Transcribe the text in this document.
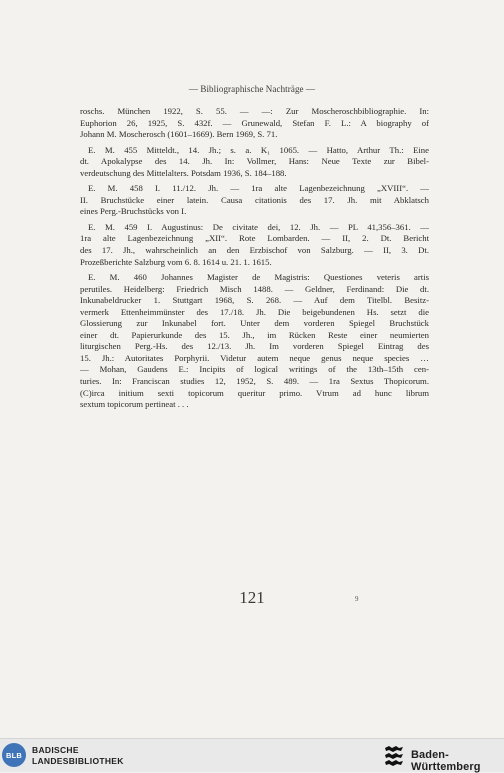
— Bibliographische Nachträge —
roschs. München 1922, S. 55. — —: Zur Moscheroschbibliographie. In:
Euphorion 26, 1925, S. 432f. — Grunewald, Stefan F. L.: A biography of
Johann M. Moscherosch (1601–1669). Bern 1969, S. 71.
E. M. 455 Mitteldt., 14. Jh.; s. a. K₁ 1065. — Hatto, Arthur Th.: Eine
dt. Apokalypse des 14. Jh. In: Vollmer, Hans: Neue Texte zur Bibel-
verdeutschung des Mittelalters. Potsdam 1936, S. 184–188.
E. M. 458 I. 11./12. Jh. — 1ra alte Lagenbezeichnung „XVIII“. —
II. Bruchstücke einer latein. Causa citationis des 17. Jh. mit Abklatsch
eines Perg.-Bruchstücks von I.
E. M. 459 I. Augustinus: De civitate dei, 12. Jh. — PL 41,356–361. —
1ra alte Lagenbezeichnung „XII“. Rote Lombarden. — II, 2. Dt. Bericht
des 17. Jh., wahrscheinlich an den Erzbischof von Salzburg. — II, 3. Dt.
Prozeßberichte Salzburg vom 6. 8. 1614 u. 21. 1. 1615.
E. M. 460 Johannes Magister de Magistris: Questiones veteris artis
perutiles. Heidelberg: Friedrich Misch 1488. — Geldner, Ferdinand: Die dt.
Inkunabeldrucker 1. Stuttgart 1968, S. 268. — Auf dem Titelbl. Besitz-
vermerk Ettenheimmünster des 17./18. Jh. Die beigebundenen Hs. setzt die
Glossierung zur Inkunabel fort. Unter dem vorderen Spiegel Bruchstück
einer dt. Papierurkunde des 15. Jh., im Rücken Reste einer neumierten
liturgischen Perg.-Hs. des 12./13. Jh. Im vorderen Spiegel Eintrag des
15. Jh.: Autoritates Porphyrii. Videtur autem neque genus neque species …
— Mohan, Gaudens E.: Incipits of logical writings of the 13th–15th cen-
turies. In: Franciscan studies 12, 1952, S. 489. — 1ra Sextus Thopicorum.
(C)irca initium sexti topicorum queritur primo. Vtrum ad hunc librum
sextum topicorum pertineat . . .
121	9
BLB	BADISCHE
LANDESBIBLIOTHEK	Baden-Württemberg
